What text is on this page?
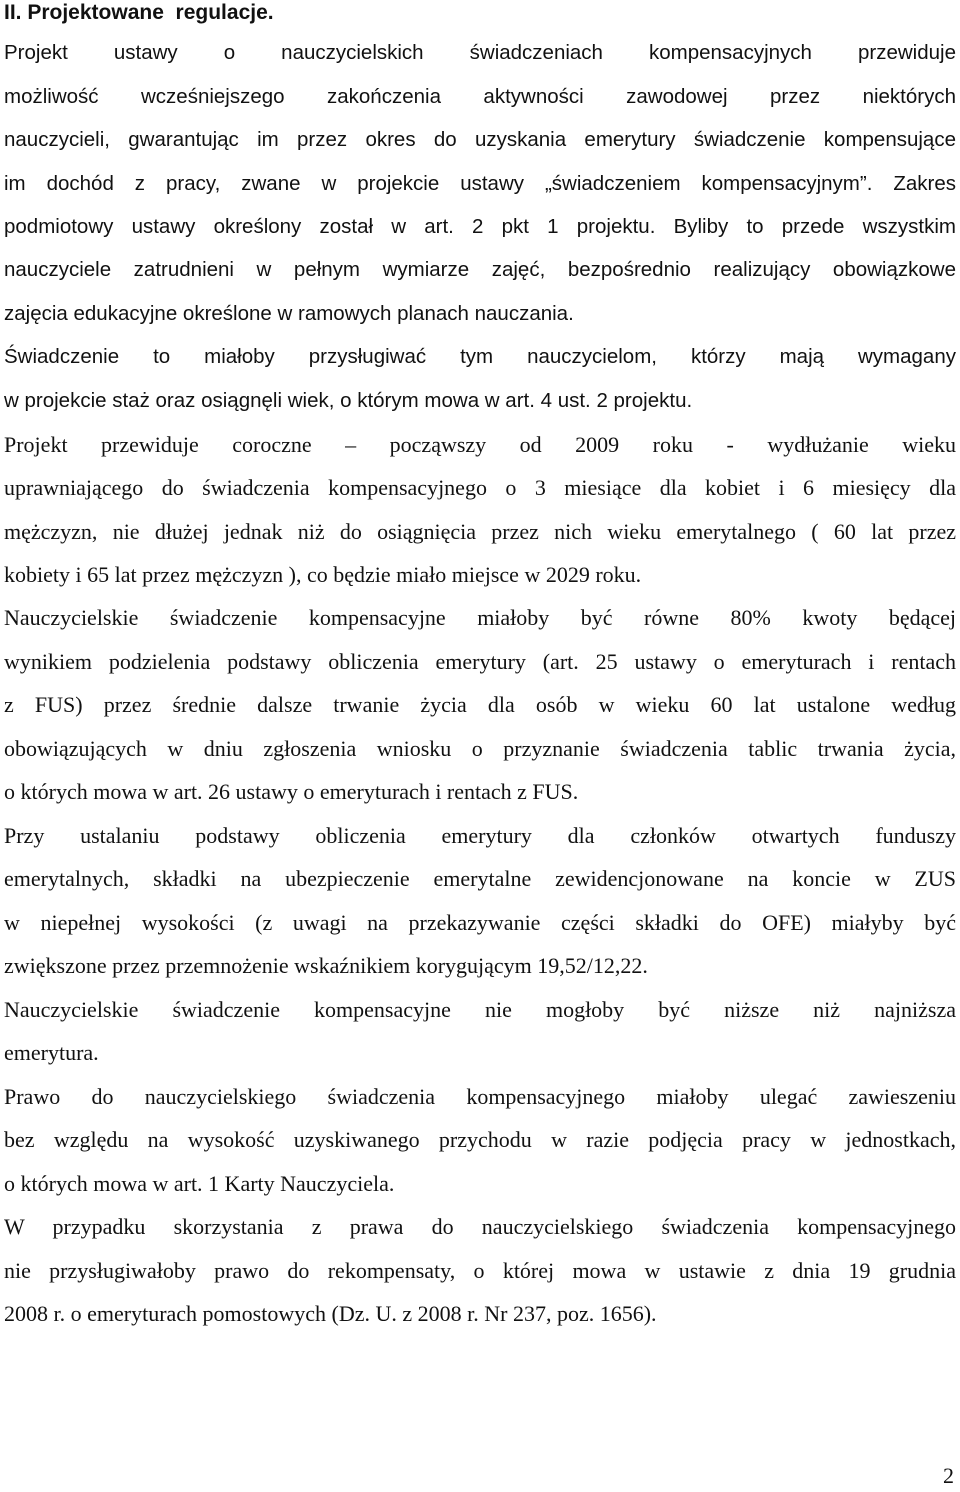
II. Projektowane  regulacje.

Projekt ustawy o nauczycielskich świadczeniach kompensacyjnych przewiduje

możliwość wcześniejszego zakończenia aktywności zawodowej przez niektórych

nauczycieli, gwarantując im przez okres do uzyskania emerytury świadczenie kompensujące

im dochód z pracy, zwane w projekcie ustawy „świadczeniem kompensacyjnym”. Zakres

podmiotowy ustawy określony został w art. 2 pkt 1 projektu. Byliby to przede wszystkim

nauczyciele zatrudnieni w pełnym wymiarze zajęć, bezpośrednio realizujący obowiązkowe

zajęcia edukacyjne określone w ramowych planach nauczania.

Świadczenie to miałoby przysługiwać tym nauczycielom, którzy mają wymagany

w projekcie staż oraz osiągnęli wiek, o którym mowa w art. 4 ust. 2 projektu.

Projekt przewiduje coroczne – począwszy od 2009 roku - wydłużanie wieku

uprawniającego do świadczenia kompensacyjnego o 3 miesiące dla kobiet i 6 miesięcy dla

mężczyzn, nie dłużej jednak niż do osiągnięcia przez nich wieku emerytalnego ( 60 lat przez

kobiety i 65 lat przez mężczyzn ), co będzie miało miejsce w 2029 roku.

Nauczycielskie świadczenie kompensacyjne miałoby być równe 80% kwoty będącej

wynikiem podzielenia podstawy obliczenia emerytury (art. 25 ustawy o emeryturach i rentach

z FUS) przez średnie dalsze trwanie życia dla osób w wieku 60 lat ustalone według

obowiązujących w dniu zgłoszenia wniosku o przyznanie świadczenia tablic trwania życia,

o których mowa w art. 26 ustawy o emeryturach i rentach z FUS.

Przy ustalaniu podstawy obliczenia emerytury dla członków otwartych funduszy

emerytalnych, składki na ubezpieczenie emerytalne zewidencjonowane na koncie w ZUS

w niepełnej wysokości (z uwagi na przekazywanie części składki do OFE) miałyby być

zwiększone przez przemnożenie wskaźnikiem korygującym 19,52/12,22.

Nauczycielskie świadczenie kompensacyjne nie mogłoby być niższe niż najniższa

emerytura.

Prawo do nauczycielskiego świadczenia kompensacyjnego miałoby ulegać zawieszeniu

bez względu na wysokość uzyskiwanego przychodu w razie podjęcia pracy w jednostkach,

o których mowa w art. 1 Karty Nauczyciela.

W przypadku skorzystania z prawa do nauczycielskiego świadczenia kompensacyjnego

nie przysługiwałoby prawo do rekompensaty, o której mowa w ustawie z dnia 19 grudnia

2008 r. o emeryturach pomostowych (Dz. U. z 2008 r. Nr 237, poz. 1656).

2
